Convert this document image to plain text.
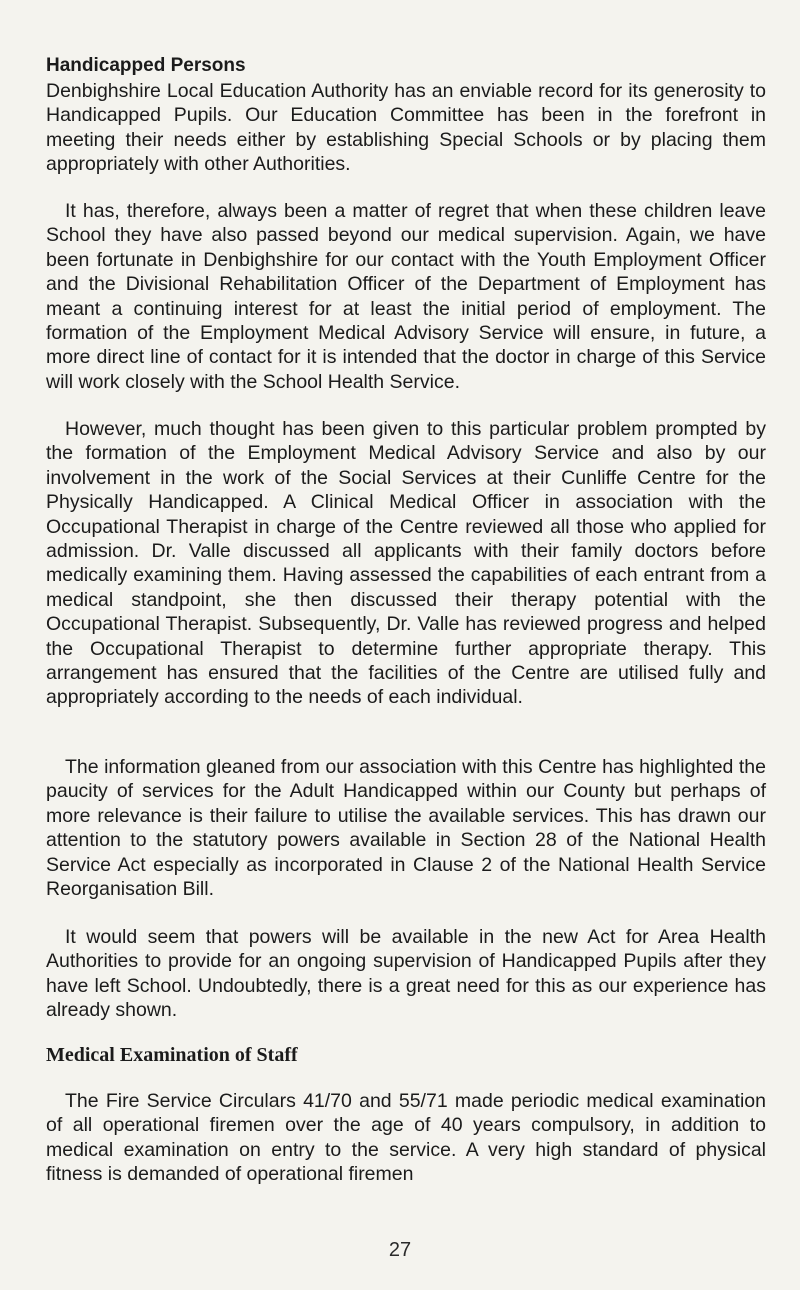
Handicapped Persons

Denbighshire Local Education Authority has an enviable record for its generosity to Handicapped Pupils. Our Education Committee has been in the forefront in meeting their needs either by establishing Special Schools or by placing them appropriately with other Authorities.

It has, therefore, always been a matter of regret that when these children leave School they have also passed beyond our medical supervision. Again, we have been fortunate in Denbighshire for our contact with the Youth Employment Officer and the Divisional Rehabilitation Officer of the Department of Employment has meant a continuing interest for at least the initial period of employment. The formation of the Employment Medical Advisory Service will ensure, in future, a more direct line of contact for it is intended that the doctor in charge of this Service will work closely with the School Health Service.

However, much thought has been given to this particular problem prompted by the formation of the Employment Medical Advisory Service and also by our involvement in the work of the Social Services at their Cunliffe Centre for the Physically Handicapped. A Clinical Medical Officer in association with the Occupational Therapist in charge of the Centre reviewed all those who applied for admission. Dr. Valle discussed all applicants with their family doctors before medically examining them. Having assessed the capabilities of each entrant from a medical standpoint, she then discussed their therapy potential with the Occupational Therapist. Subsequently, Dr. Valle has reviewed progress and helped the Occupational Therapist to determine further appropriate therapy. This arrangement has ensured that the facilities of the Centre are utilised fully and appropriately according to the needs of each individual.

The information gleaned from our association with this Centre has highlighted the paucity of services for the Adult Handicapped within our County but perhaps of more relevance is their failure to utilise the available services. This has drawn our attention to the statutory powers available in Section 28 of the National Health Service Act especially as incorporated in Clause 2 of the National Health Service Reorganisation Bill.

It would seem that powers will be available in the new Act for Area Health Authorities to provide for an ongoing supervision of Handicapped Pupils after they have left School. Undoubtedly, there is a great need for this as our experience has already shown.

Medical Examination of Staff

The Fire Service Circulars 41/70 and 55/71 made periodic medical examination of all operational firemen over the age of 40 years compulsory, in addition to medical examination on entry to the service. A very high standard of physical fitness is demanded of operational firemen

27
